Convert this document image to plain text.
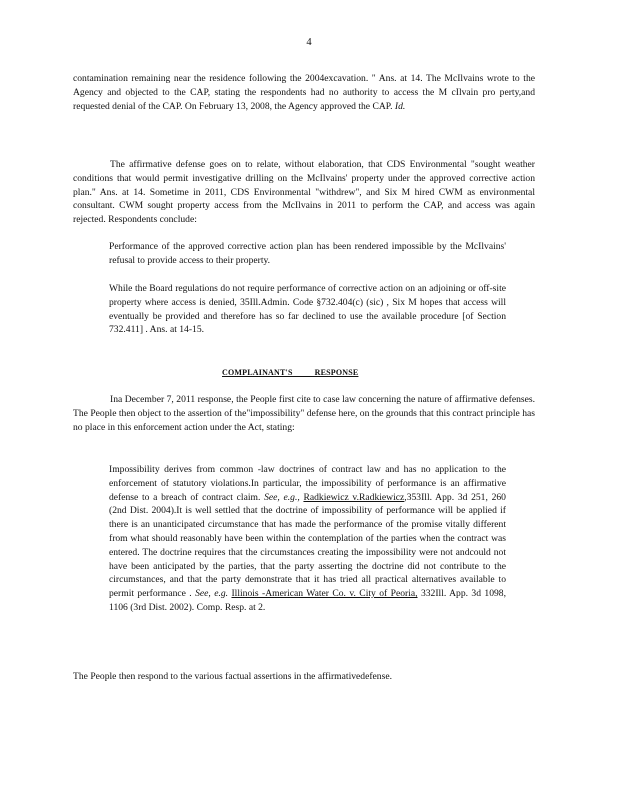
4

contamination remaining near the residence following the 2004excavation. " Ans. at 14. The McIlvains wrote to the Agency and objected to the CAP, stating the respondents had no authority to access the M cIlvain pro perty,and requested denial of the CAP. On February 13, 2008, the Agency approved the CAP. Id.

The affirmative defense goes on to relate, without elaboration, that CDS Environmental "sought weather conditions that would permit investigative drilling on the McIlvains' property under the approved corrective action plan." Ans. at 14. Sometime in 2011, CDS Environmental "withdrew", and Six M hired CWM as environmental consultant. CWM sought property access from the McIlvains in 2011 to perform the CAP, and access was again rejected. Respondents conclude:

Performance of the approved corrective action plan has been rendered impossible by the McIlvains' refusal to provide access to their property.

While the Board regulations do not require performance of corrective action on an adjoining or off-site property where access is denied, 35Ill.Admin. Code §732.404(c) (sic) , Six M hopes that access will eventually be provided and therefore has so far declined to use the available procedure [of Section 732.411] . Ans. at 14-15.

COMPLAINANT'S          RESPONSE

Ina December 7, 2011 response, the People first cite to case law concerning the nature of affirmative defenses. The People then object to the assertion of the"impossibility" defense here, on the grounds that this contract principle has no place in this enforcement action under the Act, stating:

Impossibility derives from common -law doctrines of contract law and has no application to the enforcement of statutory violations.In particular, the impossibility of performance is an affirmative defense to a breach of contract claim. See, e.g., Radkiewicz v.Radkiewicz,353Ill. App. 3d 251, 260 (2nd Dist. 2004).It is well settled that the doctrine of impossibility of performance will be applied if there is an unanticipated circumstance that has made the performance of the promise vitally different from what should reasonably have been within the contemplation of the parties when the contract was entered. The doctrine requires that the circumstances creating the impossibility were not andcould not have been anticipated by the parties, that the party asserting the doctrine did not contribute to the circumstances, and that the party demonstrate that it has tried all practical alternatives available to permit performance . See, e.g. Illinois -American Water Co. v. City of Peoria, 332Ill. App. 3d 1098, 1106 (3rd Dist. 2002). Comp. Resp. at 2.

The People then respond to the various factual assertions in the affirmativedefense.
